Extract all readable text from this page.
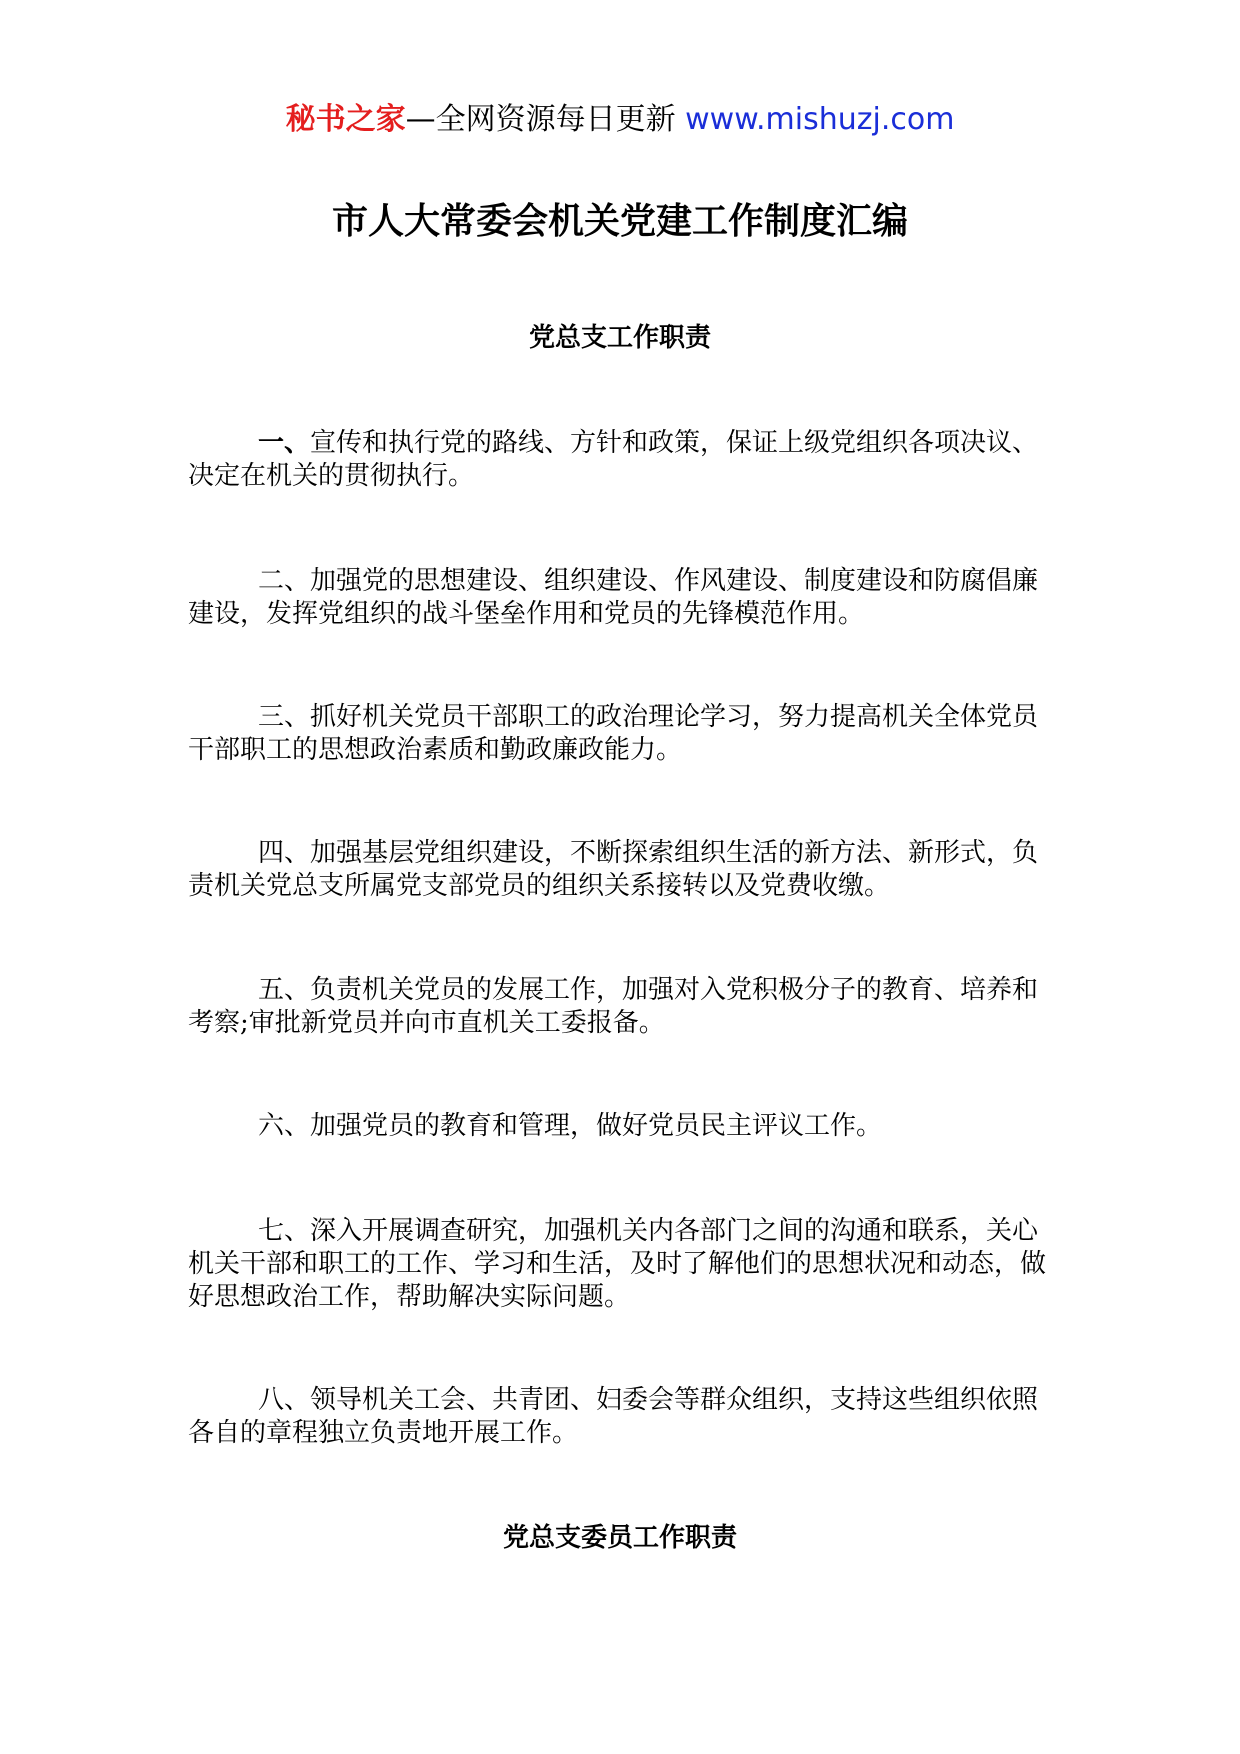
秘书之家—全网资源每日更新 www.mishuzj.com
市人大常委会机关党建工作制度汇编
党总支工作职责

一、宣传和执行党的路线、方针和政策，保证上级党组织各项决议、决定在机关的贯彻执行。

二、加强党的思想建设、组织建设、作风建设、制度建设和防腐倡廉建设，发挥党组织的战斗堡垒作用和党员的先锋模范作用。

三、抓好机关党员干部职工的政治理论学习，努力提高机关全体党员干部职工的思想政治素质和勤政廉政能力。

四、加强基层党组织建设，不断探索组织生活的新方法、新形式，负责机关党总支所属党支部党员的组织关系接转以及党费收缴。

五、负责机关党员的发展工作，加强对入党积极分子的教育、培养和考察;审批新党员并向市直机关工委报备。

六、加强党员的教育和管理，做好党员民主评议工作。

七、深入开展调查研究，加强机关内各部门之间的沟通和联系，关心机关干部和职工的工作、学习和生活，及时了解他们的思想状况和动态，做好思想政治工作，帮助解决实际问题。

八、领导机关工会、共青团、妇委会等群众组织，支持这些组织依照各自的章程独立负责地开展工作。

党总支委员工作职责
